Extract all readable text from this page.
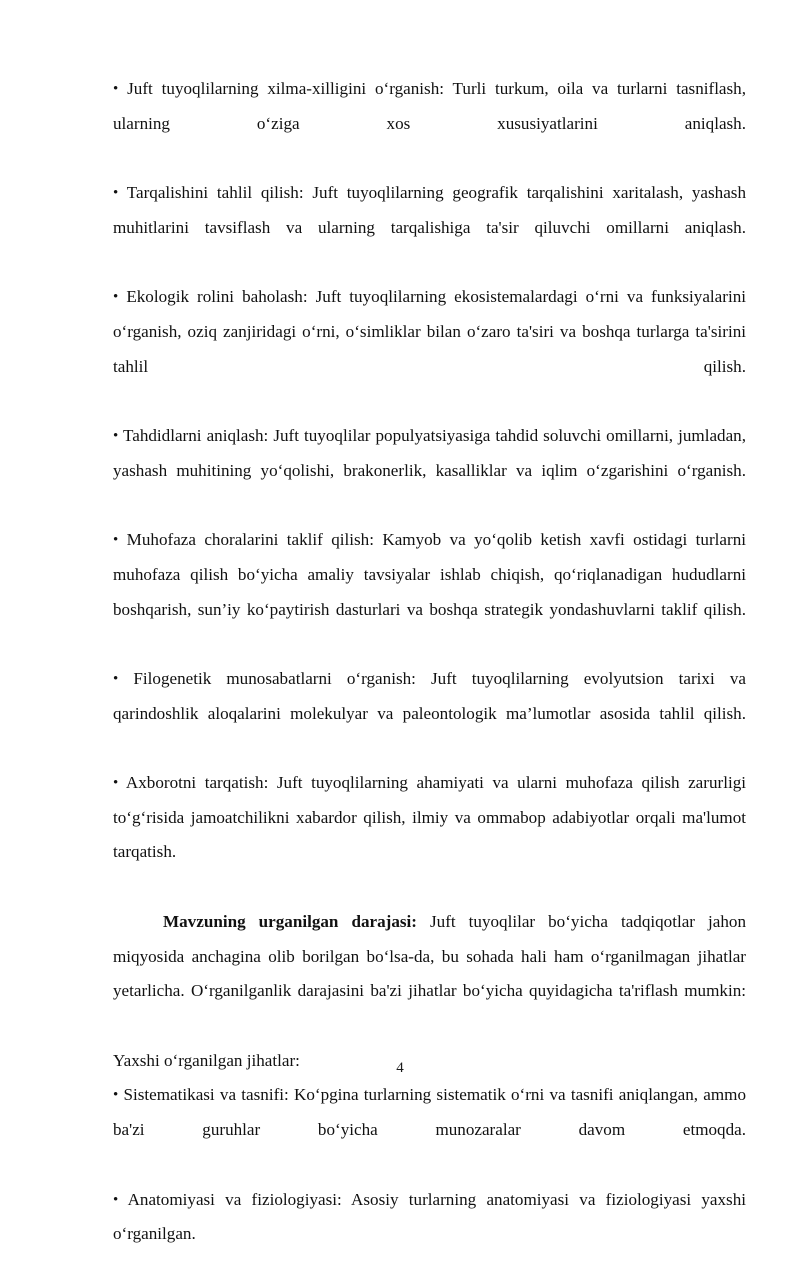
• Juft tuyoqlilarning xilma-xilligini o‘rganish: Turli turkum, oila va turlarni tasniflash, ularning o‘ziga xos xususiyatlarini aniqlash.

• Tarqalishini tahlil qilish: Juft tuyoqlilarning geografik tarqalishini xaritalash, yashash muhitlarini tavsiflash va ularning tarqalishiga ta'sir qiluvchi omillarni aniqlash.

• Ekologik rolini baholash: Juft tuyoqlilarning ekosistemalardagi o‘rni va funksiyalarini o‘rganish, oziq zanjiridagi o‘rni, o‘simliklar bilan o‘zaro ta'siri va boshqa turlarga ta'sirini tahlil qilish.

• Tahdidlarni aniqlash: Juft tuyoqlilar populyatsiyasiga tahdid soluvchi omillarni, jumladan, yashash muhitining yo‘qolishi, brakonerlik, kasalliklar va iqlim o‘zgarishini o‘rganish.

• Muhofaza choralarini taklif qilish: Kamyob va yo‘qolib ketish xavfi ostidagi turlarni muhofaza qilish bo‘yicha amaliy tavsiyalar ishlab chiqish, qo‘riqlanadigan hududlarni boshqarish, sun’iy ko‘paytirish dasturlari va boshqa strategik yondashuvlarni taklif qilish.

• Filogenetik munosabatlarni o‘rganish: Juft tuyoqlilarning evolyutsion tarixi va qarindoshlik aloqalarini molekulyar va paleontologik ma’lumotlar asosida tahlil qilish.

• Axborotni tarqatish: Juft tuyoqlilarning ahamiyati va ularni muhofaza qilish zarurligi to‘g‘risida jamoatchilikni xabardor qilish, ilmiy va ommabop adabiyotlar orqali ma'lumot tarqatish.

Mavzuning urganilgan darajasi: Juft tuyoqlilar bo‘yicha tadqiqotlar jahon miqyosida anchagina olib borilgan bo‘lsa-da, bu sohada hali ham o‘rganilmagan jihatlar yetarlicha. O‘rganilganlik darajasini ba'zi jihatlar bo‘yicha quyidagicha ta'riflash mumkin:

Yaxshi o‘rganilgan jihatlar:

• Sistematikasi va tasnifi: Ko‘pgina turlarning sistematik o‘rni va tasnifi aniqlangan, ammo ba'zi guruhlar bo‘yicha munozaralar davom etmoqda.

• Anatomiyasi va fiziologiyasi: Asosiy turlarning anatomiyasi va fiziologiyasi yaxshi o‘rganilgan.

4
